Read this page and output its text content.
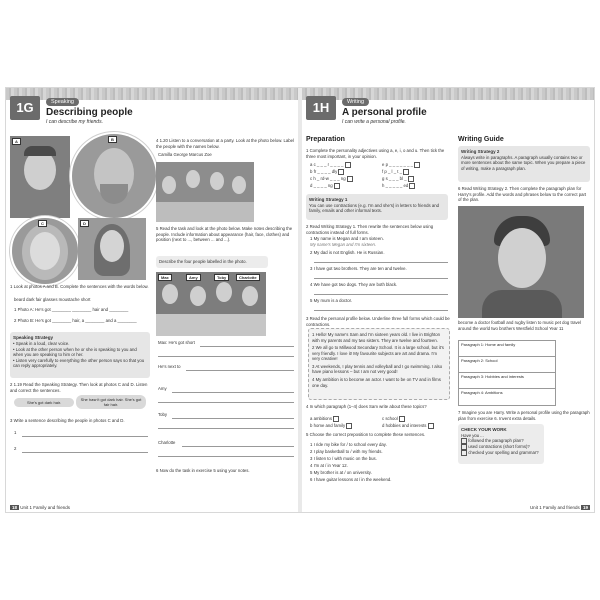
1G	Speaking
Describing people
I can describe my friends.
A	B
C	D
1 Look at photos A and B. Complete the sentences with the words below.
beard dark fair glasses moustache short
1 Photo A: He's got ________ ________ hair and ________
2 Photo B: He's got ________ hair, a ________ and a ________
Speaking Strategy
• Speak in a loud, clear voice.
• Look at the other person when he or she is speaking to you and when you are speaking to him or her.
• Listen very carefully to everything the other person says so that you can reply appropriately.
2 1.19 Read the Speaking Strategy. Then look at photos C and D. Listen and correct the sentences.
She's got dark hair.
She hasn't got dark hair. She's got fair hair.
3 Write a sentence describing the people in photos C and D.
1
2
4 1.20 Listen to a conversation at a party. Look at the photo below. Label the people with the names below.
Camilla George Marcus Zoe
5 Read the task and look at the photo below. Make notes describing the people. Include information about appearance (hair, face, clothes) and position (next to ..., between ... and ...).
Describe the four people labelled in the photo.
Max	Amy	Toby	Charlotte
Max: He's got short
He's next to
Amy
Toby
Charlotte
6 Now do the task in exercise 5 using your notes.
18 Unit 1 Family and friends
1H	Writing
A personal profile
I can write a personal profile.
Preparation
1 Complete the personality adjectives using a, e, i, o and u. Then tick the three most important, in your opinion.
a c _ _ _ r _ _ _ _
b fr _ _ _ _ dly
c h _ rd-w _ _ _ ng
d _ _ _ _ ng
e p _ _ _ _ _ _ _
f p _ l _ t _
g s _ _ _ bl _
h _ _ _ _ _ ed
Writing Strategy 1
You can use contractions (e.g. I'm and she's) in letters to friends and family, emails and other informal texts.
2 Read Writing Strategy 1. Then rewrite the sentences below using contractions instead of full forms.
1 My name is Megan and I am sixteen.
My name's Megan and I'm sixteen.
2 My dad is not English. He is Russian.
3 I have got two brothers. They are ten and twelve.
4 We have got two dogs. They are both black.
5 My mum is a doctor.
3 Read the personal profile below. Underline three full forms which could be contractions.
1 Hello! My name's Sam and I'm sixteen years old. I live in Brighton with my parents and my two sisters. They are twelve and fourteen.
2 We all go to Millwood Secondary School. It is a large school, but it's very friendly. I love it! My favourite subjects are art and drama. I'm very creative!
3 At weekends, I play tennis and volleyball and I go swimming. I also have piano lessons – but I am not very good!
4 My ambition is to become an actor. I want to be on TV and in films one day.
4 In which paragraph (1–4) does Sam write about these topics?
a ambitions
b home and family
c school
d hobbies and interests
5 Choose the correct preposition to complete these sentences.
1 I ride my bike for / to school every day.
2 I play basketball to / with my friends.
3 I listen to / with music on the bus.
4 I'm at / in Year 12.
5 My brother is at / on university.
6 I have guitar lessons at / in the weekend.
Writing Guide
Writing Strategy 2
Always write in paragraphs. A paragraph usually contains two or more sentences about the same topic. When you prepare a piece of writing, make a paragraph plan.
6 Read Writing Strategy 2. Then complete the paragraph plan for Harry's profile. Add the words and phrases below to the correct part of the plan.
become a doctor football and rugby listen to music pet dog travel around the world two brothers Westfield School Year 11
Paragraph 1: Home and family
Paragraph 2: School
Paragraph 3: Hobbies and interests
Paragraph 4: Ambitions
7 Imagine you are Harry. Write a personal profile using the paragraph plan from exercise 6. Invent extra details.
CHECK YOUR WORK
Have you ...
followed the paragraph plan?
used contractions (short forms)?
checked your spelling and grammar?
Unit 1 Family and friends 19
